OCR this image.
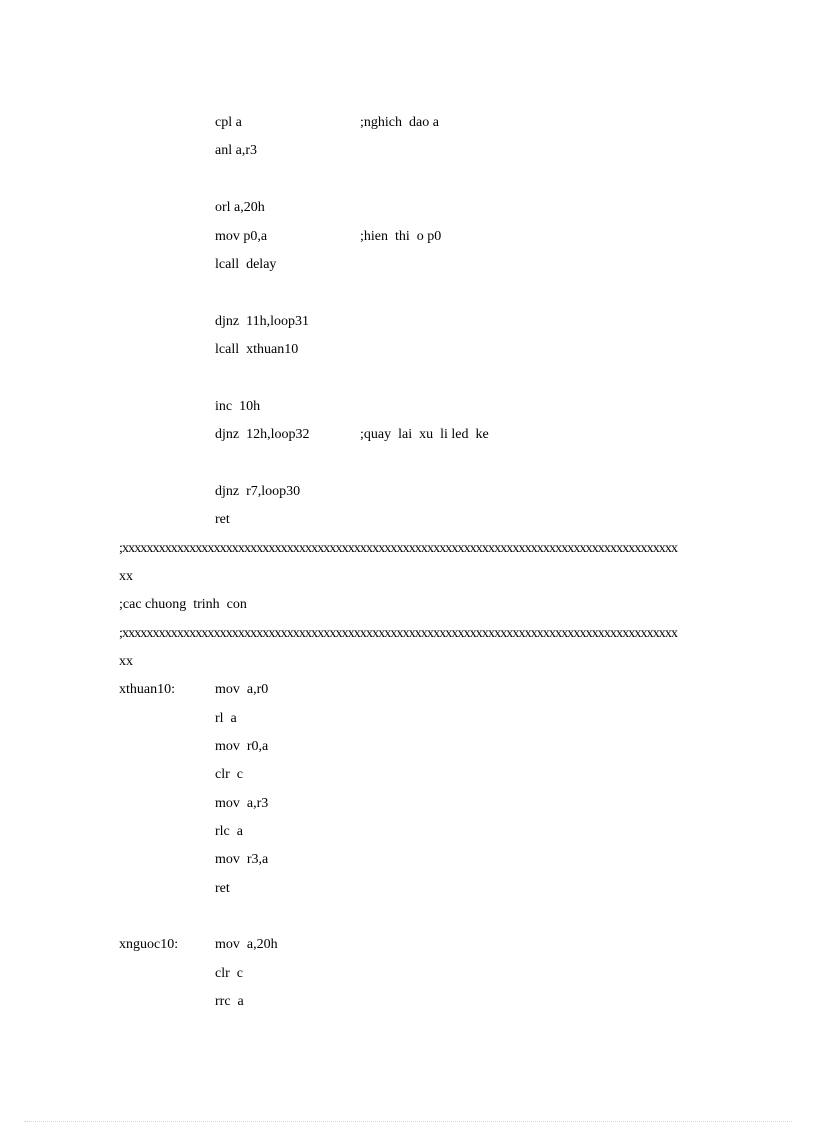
cpl a	;nghich  dao a
anl a,r3
orl a,20h
mov p0,a	;hien  thi  o p0
lcall  delay
djnz  11h,loop31
lcall  xthuan10
inc  10h
djnz  12h,loop32	;quay  lai  xu  li led  ke
djnz  r7,loop30
ret
;xxxxxxxxxxxxxxxxxxxxxxxxxxxxxxxxxxxxxxxxxxxxxxxxxxxxxxxxxxxxxxxxxxxxxxxxxxxxxxxxxxxxxxxxxxx
xx
;cac chuong  trinh  con
;xxxxxxxxxxxxxxxxxxxxxxxxxxxxxxxxxxxxxxxxxxxxxxxxxxxxxxxxxxxxxxxxxxxxxxxxxxxxxxxxxxxxxxxxxxx
xx
xthuan10:	mov  a,r0
rl  a
mov  r0,a
clr  c
mov  a,r3
rlc  a
mov  r3,a
ret
xnguoc10:	mov  a,20h
clr  c
rrc  a
